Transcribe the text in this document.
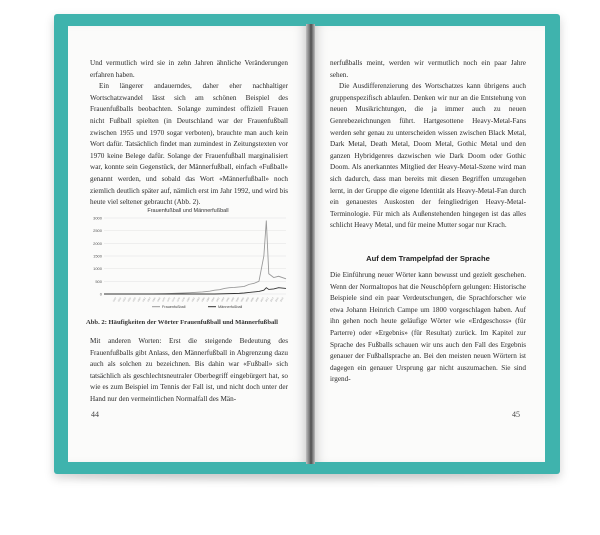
Und vermutlich wird sie in zehn Jahren ähnliche Veränderungen erfahren haben.

Ein längerer andauerndes, daher eher nachhaltiger Wortschatzwandel lässt sich am schönen Beispiel des Frauenfußballs beobachten. Solange zumindest offiziell Frauen nicht Fußball spielten (in Deutschland war der Frauenfußball zwischen 1955 und 1970 sogar verboten), brauchte man auch kein Wort dafür. Tatsächlich findet man zumindest in Zeitungstexten vor 1970 keine Belege dafür. Solange der Frauenfußball marginalisiert war, konnte sein Gegenstück, der Männerfußball, einfach «Fußball» genannt werden, und sobald das Wort «Männerfußball» noch ziemlich deutlich später auf, nämlich erst im Jahr 1992, und wird bis heute viel seltener gebraucht (Abb. 2).

Frauenfußball und Männerfußball
3000
2500
2000
1500
1000
500
0
1950 1952 1954 1956 1958 1960 1962 1964 1966 1968 1970 1972 1974 1976 1978 1980 1982 1984 1986 1988 1990 1992 1994 1996 1998 2000 2002 2004 2006 2008 2010 2012 2014 2016 2018
Frauenfußball	Männerfußball
Abb. 2: Häufigkeiten der Wörter Frauenfußball und Männerfußball

Mit anderen Worten: Erst die steigende Bedeutung des Frauenfußballs gibt Anlass, den Männerfußball in Abgrenzung dazu auch als solchen zu bezeichnen. Bis dahin war «Fußball» sich tatsächlich als geschlechtsneutraler Oberbegriff eingebürgert hat, so wie es zum Beispiel im Tennis der Fall ist, und nicht doch unter der Hand nur den vermeintlichen Normalfall des Män-

44

nerfußballs meint, werden wir vermutlich noch ein paar Jahre sehen.

Die Ausdifferenzierung des Wortschatzes kann übrigens auch gruppenspezifisch ablaufen. Denken wir nur an die Entstehung von neuen Musikrichtungen, die ja immer auch zu neuen Genrebezeichnungen führt. Hartgesottene Heavy-Metal-Fans werden sehr genau zu unterscheiden wissen zwischen Black Metal, Dark Metal, Death Metal, Doom Metal, Gothic Metal und den ganzen Hybridgenres dazwischen wie Dark Doom oder Gothic Doom. Als anerkanntes Mitglied der Heavy-Metal-Szene wird man sich dadurch, dass man bereits mit diesen Begriffen umzugehen lernt, in der Gruppe die eigene Identität als Heavy-Metal-Fan durch ein genauestes Auskosten der feingliedrigen Heavy-Metal-Terminologie. Für mich als Außenstehenden hingegen ist das alles schlicht Heavy Metal, und für meine Mutter sogar nur Krach.

Auf dem Trampelpfad der Sprache

Die Einführung neuer Wörter kann bewusst und gezielt geschehen. Wenn der Normaltopos hat die Neuschöpfern gelungen: Historische Beispiele sind ein paar Verdeutschungen, die Sprachforscher wie etwa Johann Heinrich Campe um 1800 vorgeschlagen haben. Auf ihn gehen noch heute geläufige Wörter wie «Erdgeschoss» (für Parterre) oder «Ergebnis» (für Resultat) zurück. Im Kapitel zur Sprache des Fußballs schauen wir uns auch den Fall des Ergebnis genauer der Fußballsprache an. Bei den meisten neuen Wörtern ist dagegen ein genauer Ursprung gar nicht auszumachen. Sie sind irgend-

45
